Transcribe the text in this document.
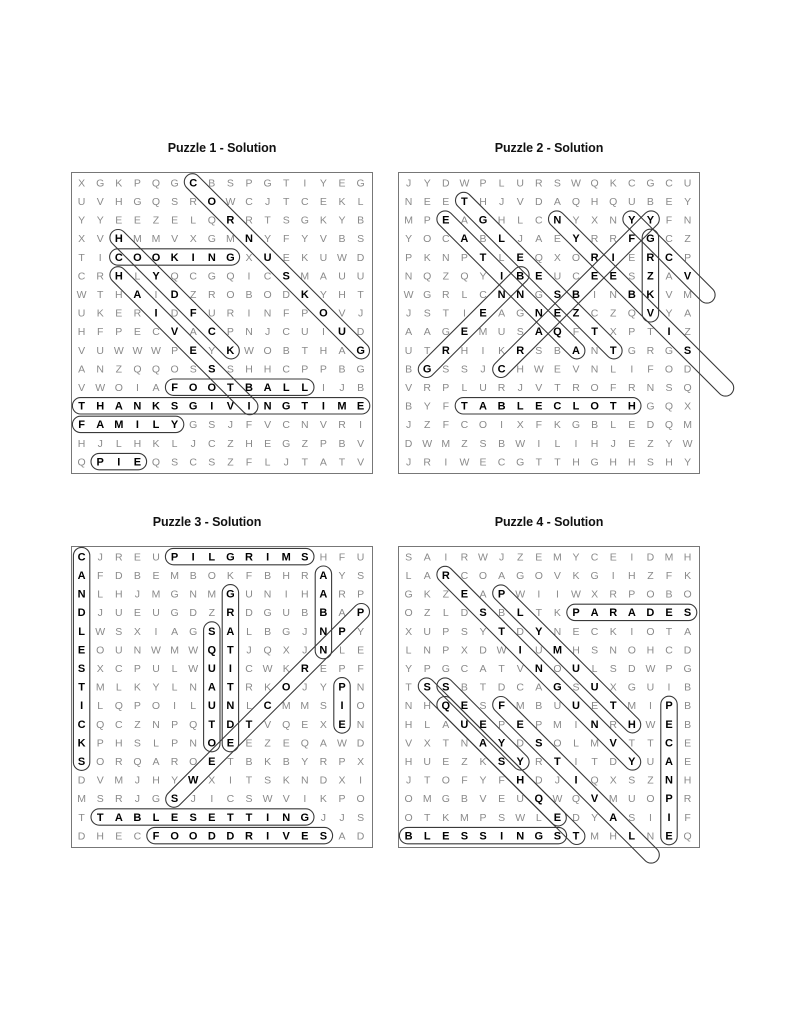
Puzzle 1 - Solution	Puzzle 2 - Solution
Puzzle 3 - Solution	Puzzle 4 - Solution
X G K P Q G C B S P G T I Y E G
U V H G Q S R O W C J T C E K L
Y Y E E Z E L Q R R T S G K Y B
X V H M M V X G M N Y F Y V B S
T I C O O K I N G X U E K U W D
C R H L Y Q C G Q I C S M A U U
W T H A I D Z R O B O D K Y H T
U K E R I D F U R I N F P O V J
H F P E C V A C P N J C U I U D
V U W W W P E Y K W O B T H A G
A N Z Q Q O S S S H H C P P B G
V W O I A F O O T B A L L I J B
T H A N K S G I V I N G T I M E
F A M I L Y G S J F V C N V R I
H J L H K L J C Z H E G Z P B V
Q P I E Q S C S Z F L J T A T V
J Y D W P L U R S W Q K C G C U
N E E T H J V D A Q H Q U B E Y
M P E A G H L C N Y X N Y Y F N
Y O C A B L J A E Y R R F G C Z
P K N P T L E Q X O R I E R C P
N Q Z Q Y I B E U C E E S Z A V
W G R L C N N G S B I N B K V M
J S T I E A G N E Z C Z Q V Y A
A A G E M U S A Q F T X P T I Z
U T R H I K R S B A N T G R G S
B G S S J C H W E V N L I F O D
V R P L U R J V T R O F R N S Q
B Y F T A B L E C L O T H G Q X
J Z F C O I X F K G B L E D Q M
D W M Z S B W I L I H J E Z Y W
J R I W E C G T T H G H H S H Y
C J R E U P I L G R I M S H F U
A F D B E M B O K F B H R A Y S
N L H J M G N M G U N I H A R P
D J U E U G D Z R D G U B B A P
L W S X I A G S A L B G J N P Y
E O U N W M W Q T J Q X J N L E
S X C P U L W U I C W K R E P F
T M L K Y L N A T R K O J Y P N
I L Q P O I L U N L C M M S I O
C Q C Z N P Q T D T V Q E X E N
K P H S L P N O E E Z E Q A W D
S O R Q A R O E T B K B Y R P X
D V M J H Y W X I T S K N D X I
M S R J G S J I C S W V I K P O
T T A B L E S E T T I N G J J S
D H E C F O O D D R I V E S A D
S A I R W J Z E M Y C E I D M H
L A R C O A G O V K G I H Z F K
G K Z E A P W I I W X R P O B O
O Z L D S B L T K P A R A D E S
X U P S Y T D Y N E C K I O T A
L N P X D W I U M H S N O H C D
Y P G C A T V N O U L S D W P G
T S S B T D C A G S U X G U I B
N H Q E S F M B U U E T M I P B
H L A U E P E P M I N R H W E B
V X T N A Y D S O L M V T T C E
H U E Z K S Y R T I T D Y U A E
J T O F Y F H D J I Q X S Z N H
O M G B V E U Q W Q V M U O P R
O T K M P S W L E D Y A S I I F
B L E S S I N G S T M H L N E Q
